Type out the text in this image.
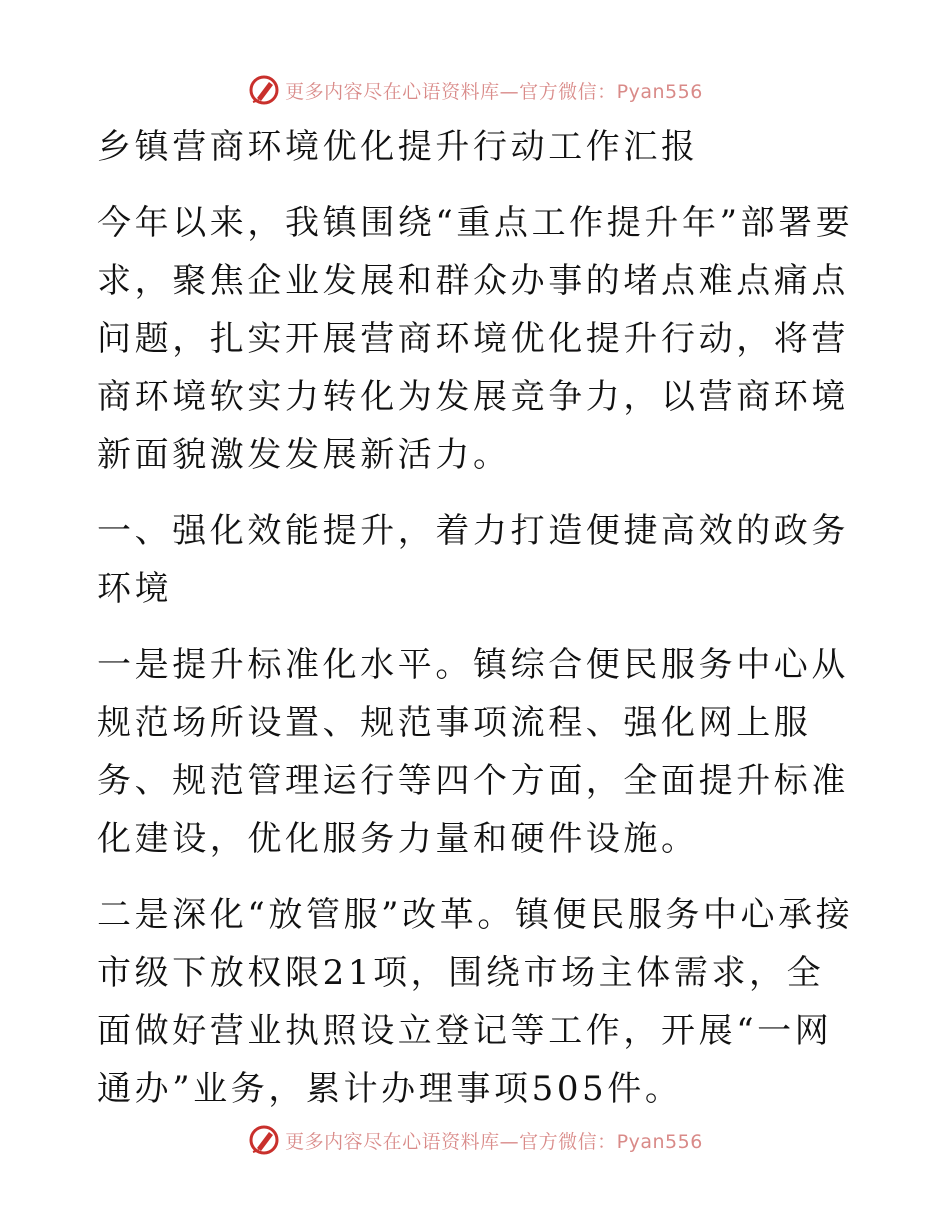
更多内容尽在心语资料库—官方微信：Pyan556

乡镇营商环境优化提升行动工作汇报

今年以来，我镇围绕“重点工作提升年”部署要求，聚焦企业发展和群众办事的堵点难点痛点问题，扎实开展营商环境优化提升行动，将营商环境软实力转化为发展竞争力，以营商环境新面貌激发发展新活力。

一、强化效能提升，着力打造便捷高效的政务环境

一是提升标准化水平。镇综合便民服务中心从规范场所设置、规范事项流程、强化网上服务、规范管理运行等四个方面，全面提升标准化建设，优化服务力量和硬件设施。

二是深化“放管服”改革。镇便民服务中心承接市级下放权限21项，围绕市场主体需求，全面做好营业执照设立登记等工作，开展“一网通办”业务，累计办理事项505件。

更多内容尽在心语资料库—官方微信：Pyan556
